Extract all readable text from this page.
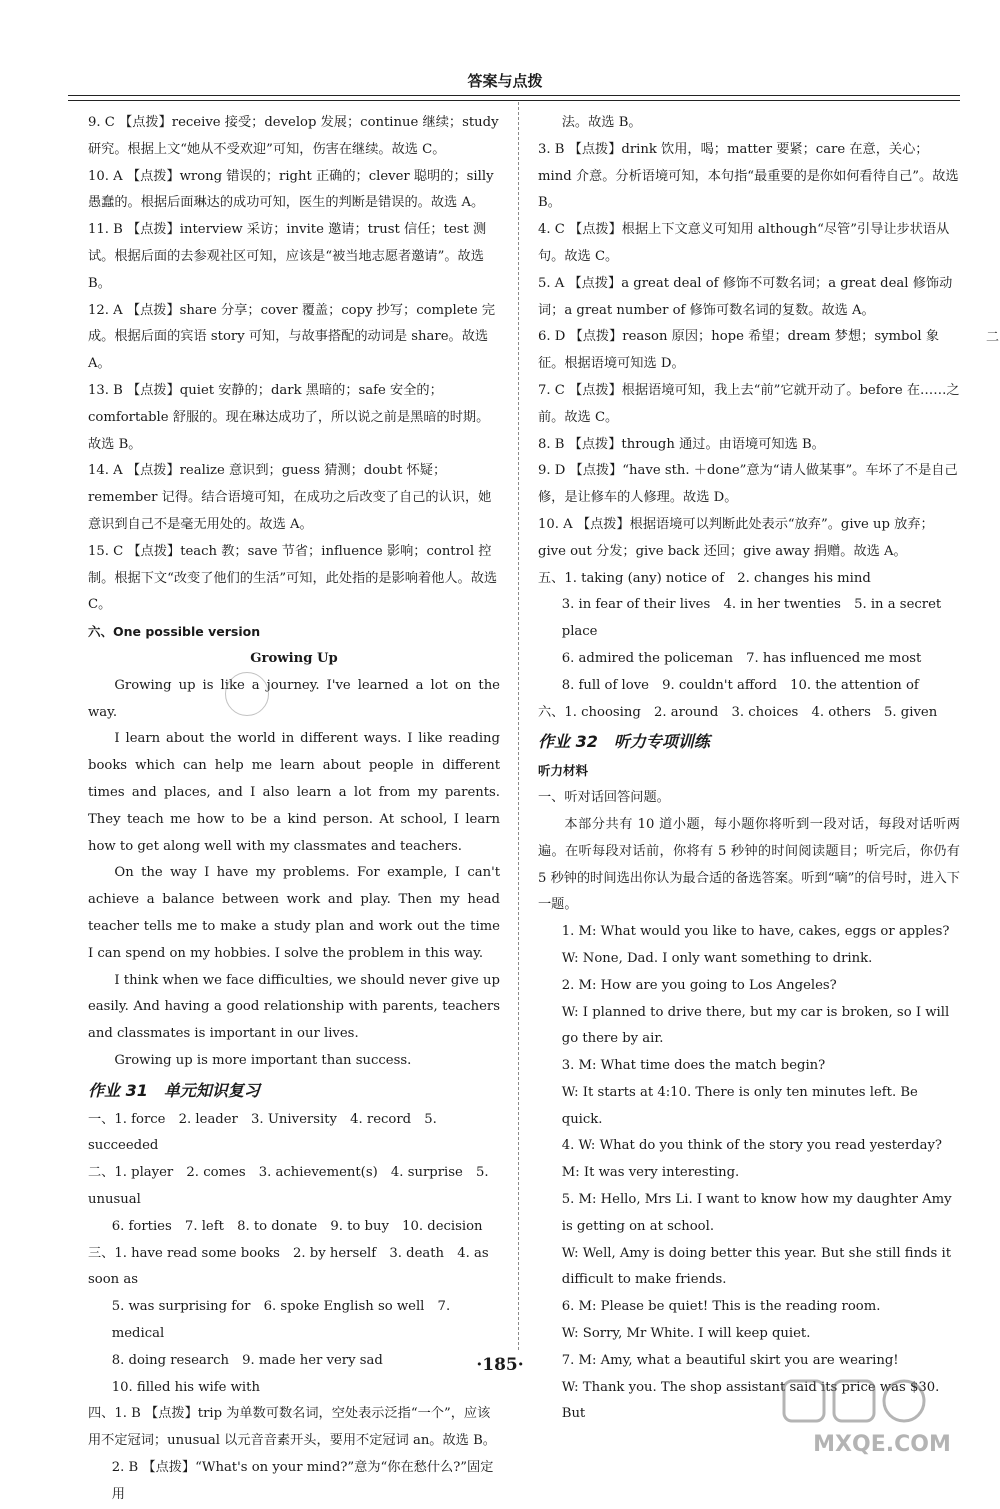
答案与点拨

9. C 【点拨】receive 接受；develop 发展；continue 继续；study 研究。根据上文“她从不受欢迎”可知，伤害在继续。故选 C。

10. A 【点拨】wrong 错误的；right 正确的；clever 聪明的；silly 愚蠢的。根据后面琳达的成功可知，医生的判断是错误的。故选 A。

11. B 【点拨】interview 采访；invite 邀请；trust 信任；test 测试。根据后面的去参观社区可知，应该是“被当地志愿者邀请”。故选 B。

12. A 【点拨】share 分享；cover 覆盖；copy 抄写；complete 完成。根据后面的宾语 story 可知，与故事搭配的动词是 share。故选 A。

13. B 【点拨】quiet 安静的；dark 黑暗的；safe 安全的；comfortable 舒服的。现在琳达成功了，所以说之前是黑暗的时期。故选 B。

14. A 【点拨】realize 意识到；guess 猜测；doubt 怀疑；remember 记得。结合语境可知，在成功之后改变了自己的认识，她意识到自己不是毫无用处的。故选 A。

15. C 【点拨】teach 教；save 节省；influence 影响；control 控制。根据下文“改变了他们的生活”可知，此处指的是影响着他人。故选 C。

六、One possible version

Growing Up

Growing up is like a journey. I've learned a lot on the way.

I learn about the world in different ways. I like reading books which can help me learn about people in different times and places, and I also learn a lot from my parents. They teach me how to be a kind person. At school, I learn how to get along well with my classmates and teachers.

On the way I have my problems. For example, I can't achieve a balance between work and play. Then my head teacher tells me to make a study plan and work out the time I can spend on my hobbies. I solve the problem in this way.

I think when we face difficulties, we should never give up easily. And having a good relationship with parents, teachers and classmates is important in our lives.

Growing up is more important than success.

作业 31　单元知识复习

一、1. force　2. leader　3. University　4. record　5. succeeded

二、1. player　2. comes　3. achievement(s)　4. surprise　5. unusual

6. forties　7. left　8. to donate　9. to buy　10. decision

三、1. have read some books　2. by herself　3. death　4. as soon as

5. was surprising for　6. spoke English so well　7. medical

8. doing research　9. made her very sad

10. filled his wife with

四、1. B 【点拨】trip 为单数可数名词，空处表示泛指“一个”，应该用不定冠词；unusual 以元音音素开头，要用不定冠词 an。故选 B。

2. B 【点拨】“What's on your mind?”意为“你在愁什么?”固定用

法。故选 B。

3. B 【点拨】drink 饮用，喝；matter 要紧；care 在意，关心；mind 介意。分析语境可知，本句指“最重要的是你如何看待自己”。故选 B。

4. C 【点拨】根据上下文意义可知用 although“尽管”引导让步状语从句。故选 C。

5. A 【点拨】a great deal of 修饰不可数名词；a great deal 修饰动词；a great number of 修饰可数名词的复数。故选 A。

6. D 【点拨】reason 原因；hope 希望；dream 梦想；symbol 象征。根据语境可知选 D。

7. C 【点拨】根据语境可知，我上去“前”它就开动了。before 在……之前。故选 C。

8. B 【点拨】through 通过。由语境可知选 B。

9. D 【点拨】“have sth. ＋done”意为“请人做某事”。车坏了不是自己修，是让修车的人修理。故选 D。

10. A 【点拨】根据语境可以判断此处表示“放弃”。give up 放弃；give out 分发；give back 还回；give away 捐赠。故选 A。

五、1. taking (any) notice of　2. changes his mind

3. in fear of their lives　4. in her twenties　5. in a secret place

6. admired the policeman　7. has influenced me most

8. full of love　9. couldn't afford　10. the attention of

六、1. choosing　2. around　3. choices　4. others　5. given

作业 32　听力专项训练

听力材料

一、听对话回答问题。

本部分共有 10 道小题，每小题你将听到一段对话，每段对话听两遍。在听每段对话前，你将有 5 秒钟的时间阅读题目；听完后，你仍有 5 秒钟的时间选出你认为最合适的备选答案。听到“嘀”的信号时，进入下一题。

1. M: What would you like to have, cakes, eggs or apples?

W: None, Dad. I only want something to drink.

2. M: How are you going to Los Angeles?

W: I planned to drive there, but my car is broken, so I will go there by air.

3. M: What time does the match begin?

W: It starts at 4:10. There is only ten minutes left. Be quick.

4. W: What do you think of the story you read yesterday?

M: It was very interesting.

5. M: Hello, Mrs Li. I want to know how my daughter Amy is getting on at school.

W: Well, Amy is doing better this year. But she still finds it difficult to make friends.

6. M: Please be quiet! This is the reading room.

W: Sorry, Mr White. I will keep quiet.

7. M: Amy, what a beautiful skirt you are wearing!

W: Thank you. The shop assistant said its price was $30. But

二
·185·
MXQE.COM
